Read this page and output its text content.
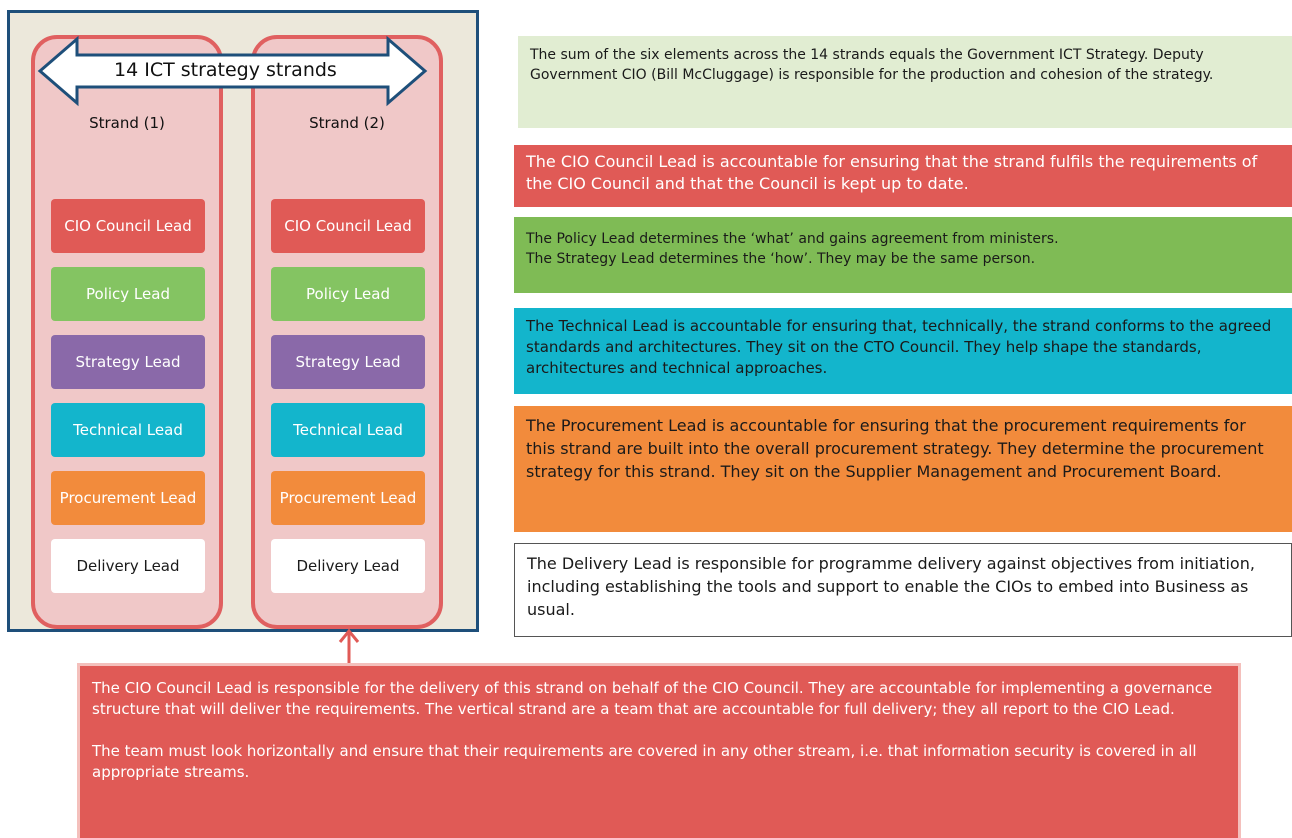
Strand (1)
CIO Council Lead
Policy Lead
Strategy Lead
Technical Lead
Procurement Lead
Delivery Lead
Strand (2)
CIO Council Lead
Policy Lead
Strategy Lead
Technical Lead
Procurement Lead
Delivery Lead
14 ICT strategy strands
The sum of the six elements across the 14 strands equals the Government ICT Strategy. Deputy Government CIO (Bill McCluggage) is responsible for the production and cohesion of the strategy.
The CIO Council Lead is accountable for ensuring that the strand fulfils the requirements of the CIO Council and that the Council is kept up to date.
The Policy Lead determines the ‘what’ and gains agreement from ministers.
The Strategy Lead determines the ‘how’. They may be the same person.
The Technical Lead is accountable for ensuring that, technically, the strand conforms to the agreed standards and architectures. They sit on the CTO Council. They help shape the standards, architectures and technical approaches.
The Procurement Lead is accountable for ensuring that the procurement requirements for this strand are built into the overall procurement strategy. They determine the procurement strategy for this strand. They sit on the Supplier Management and Procurement Board.
The Delivery Lead is responsible for programme delivery against objectives from initiation, including establishing the tools and support to enable the CIOs to embed into Business as usual.

The CIO Council Lead is responsible for the delivery of this strand on behalf of the CIO Council. They are accountable for implementing a governance structure that will deliver the requirements. The vertical strand are a team that are accountable for full delivery; they all report to the CIO Lead.

The team must look horizontally and ensure that their requirements are covered in any other stream, i.e. that information security is covered in all appropriate streams.
